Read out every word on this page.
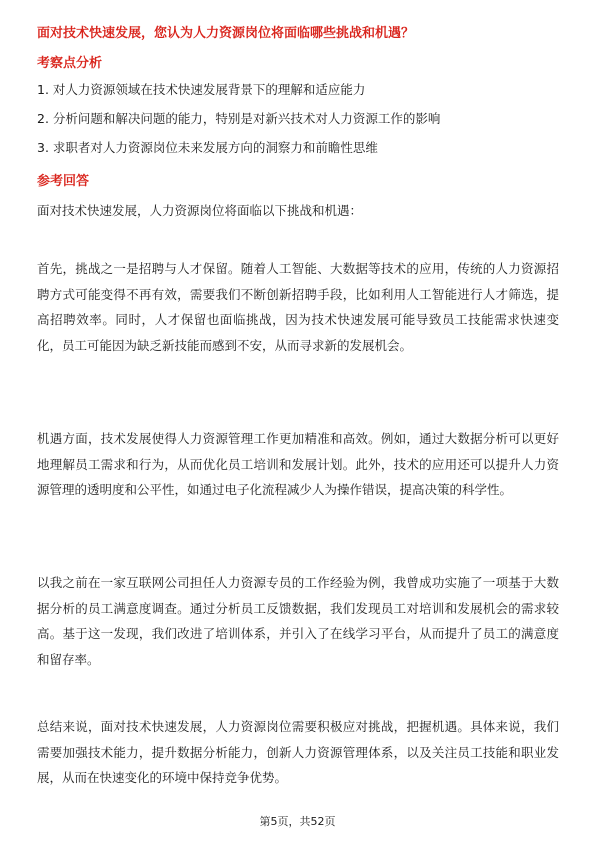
面对技术快速发展，您认为人力资源岗位将面临哪些挑战和机遇？
考察点分析
1. 对人力资源领域在技术快速发展背景下的理解和适应能力
2. 分析问题和解决问题的能力，特别是对新兴技术对人力资源工作的影响
3. 求职者对人力资源岗位未来发展方向的洞察力和前瞻性思维
参考回答

面对技术快速发展，人力资源岗位将面临以下挑战和机遇：

首先，挑战之一是招聘与人才保留。随着人工智能、大数据等技术的应用，传统的人力资源招聘方式可能变得不再有效，需要我们不断创新招聘手段，比如利用人工智能进行人才筛选，提高招聘效率。同时，人才保留也面临挑战，因为技术快速发展可能导致员工技能需求快速变化，员工可能因为缺乏新技能而感到不安，从而寻求新的发展机会。

机遇方面，技术发展使得人力资源管理工作更加精准和高效。例如，通过大数据分析可以更好地理解员工需求和行为，从而优化员工培训和发展计划。此外，技术的应用还可以提升人力资源管理的透明度和公平性，如通过电子化流程减少人为操作错误，提高决策的科学性。

以我之前在一家互联网公司担任人力资源专员的工作经验为例，我曾成功实施了一项基于大数据分析的员工满意度调查。通过分析员工反馈数据，我们发现员工对培训和发展机会的需求较高。基于这一发现，我们改进了培训体系，并引入了在线学习平台，从而提升了员工的满意度和留存率。

总结来说，面对技术快速发展，人力资源岗位需要积极应对挑战，把握机遇。具体来说，我们需要加强技术能力，提升数据分析能力，创新人力资源管理体系，以及关注员工技能和职业发展，从而在快速变化的环境中保持竞争优势。

第5页，共52页
